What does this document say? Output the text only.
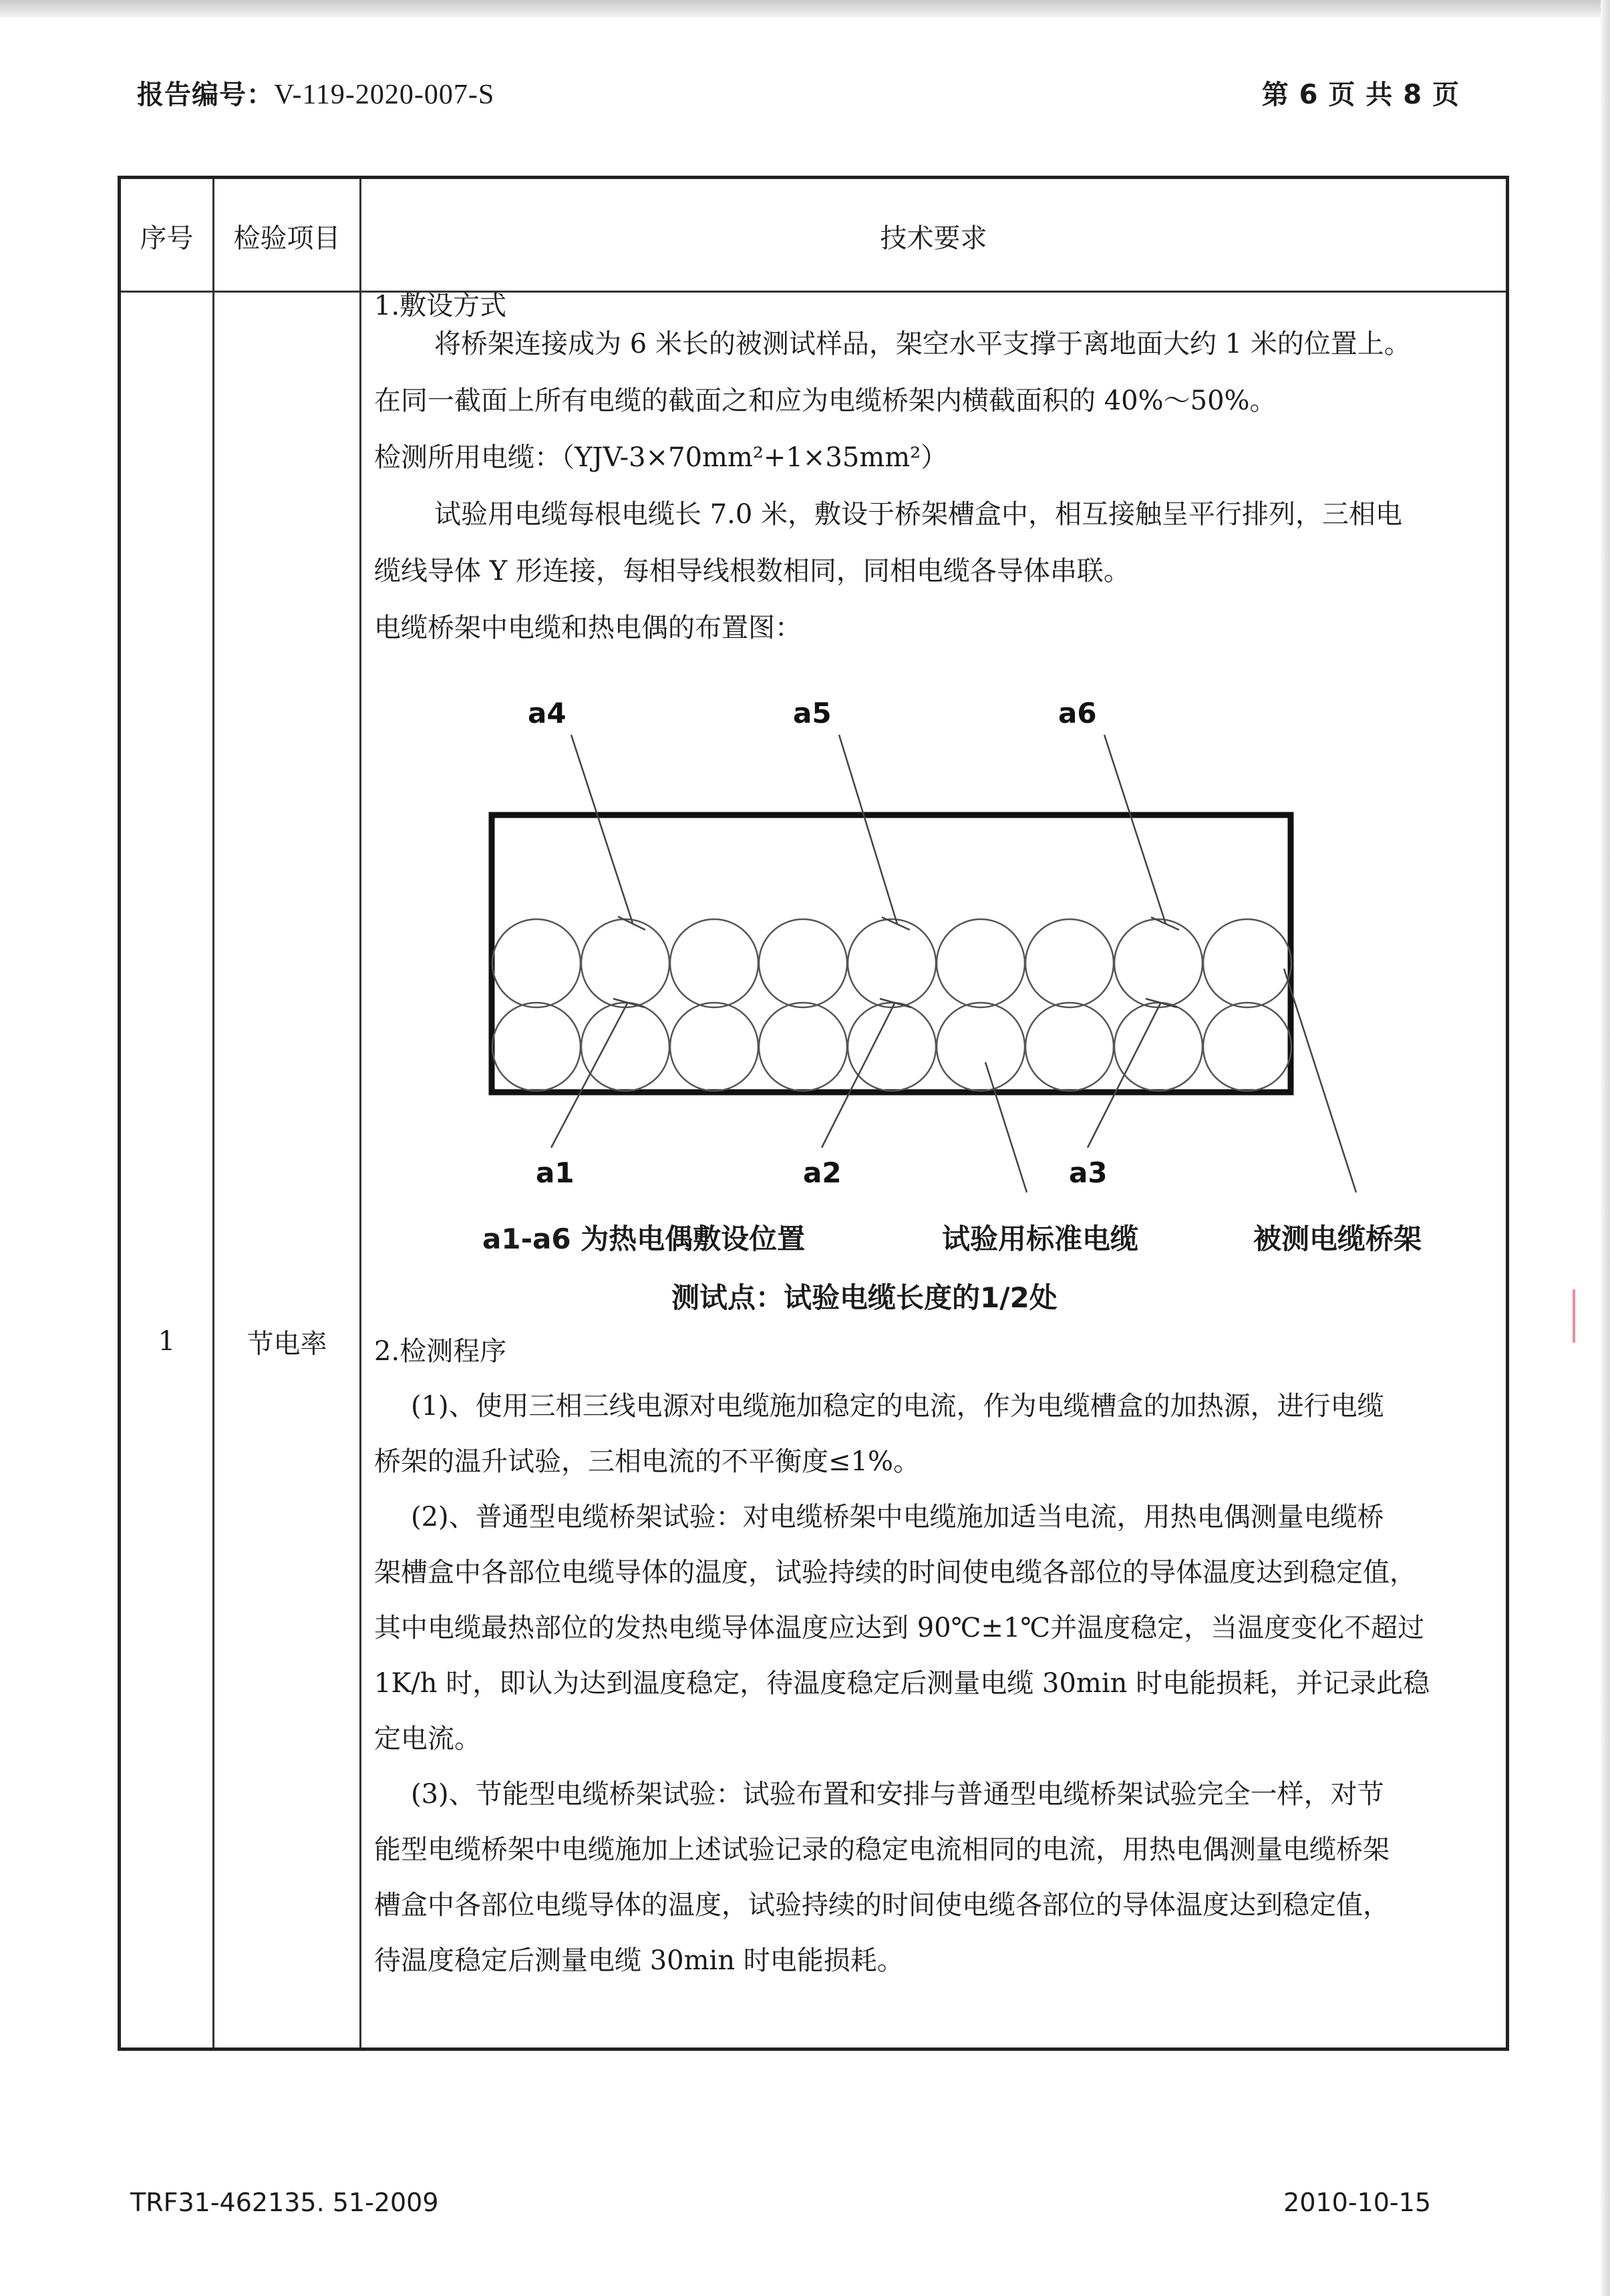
报告编号：V-119-2020-007-S	第 6 页 共 8 页
序号	检验项目	技术要求
1	节电率
1.敷设方式
将桥架连接成为 6 米长的被测试样品，架空水平支撑于离地面大约 1 米的位置上。
在同一截面上所有电缆的截面之和应为电缆桥架内横截面积的 40%～50%。
检测所用电缆：（YJV-3×70mm²+1×35mm²）
试验用电缆每根电缆长 7.0 米，敷设于桥架槽盒中，相互接触呈平行排列，三相电
缆线导体 Y 形连接，每相导线根数相同，同相电缆各导体串联。
电缆桥架中电缆和热电偶的布置图：
a4	a5	a6
a1	a2	a3
a1-a6 为热电偶敷设位置	试验用标准电缆	被测电缆桥架
测试点：试验电缆长度的1/2处
2.检测程序
(1)、使用三相三线电源对电缆施加稳定的电流，作为电缆槽盒的加热源，进行电缆
桥架的温升试验，三相电流的不平衡度≤1%。
(2)、普通型电缆桥架试验：对电缆桥架中电缆施加适当电流，用热电偶测量电缆桥
架槽盒中各部位电缆导体的温度，试验持续的时间使电缆各部位的导体温度达到稳定值，
其中电缆最热部位的发热电缆导体温度应达到 90℃±1℃并温度稳定，当温度变化不超过
1K/h 时，即认为达到温度稳定，待温度稳定后测量电缆 30min 时电能损耗，并记录此稳
定电流。
(3)、节能型电缆桥架试验：试验布置和安排与普通型电缆桥架试验完全一样，对节
能型电缆桥架中电缆施加上述试验记录的稳定电流相同的电流，用热电偶测量电缆桥架
槽盒中各部位电缆导体的温度，试验持续的时间使电缆各部位的导体温度达到稳定值，
待温度稳定后测量电缆 30min 时电能损耗。
TRF31-462135. 51-2009	2010-10-15
